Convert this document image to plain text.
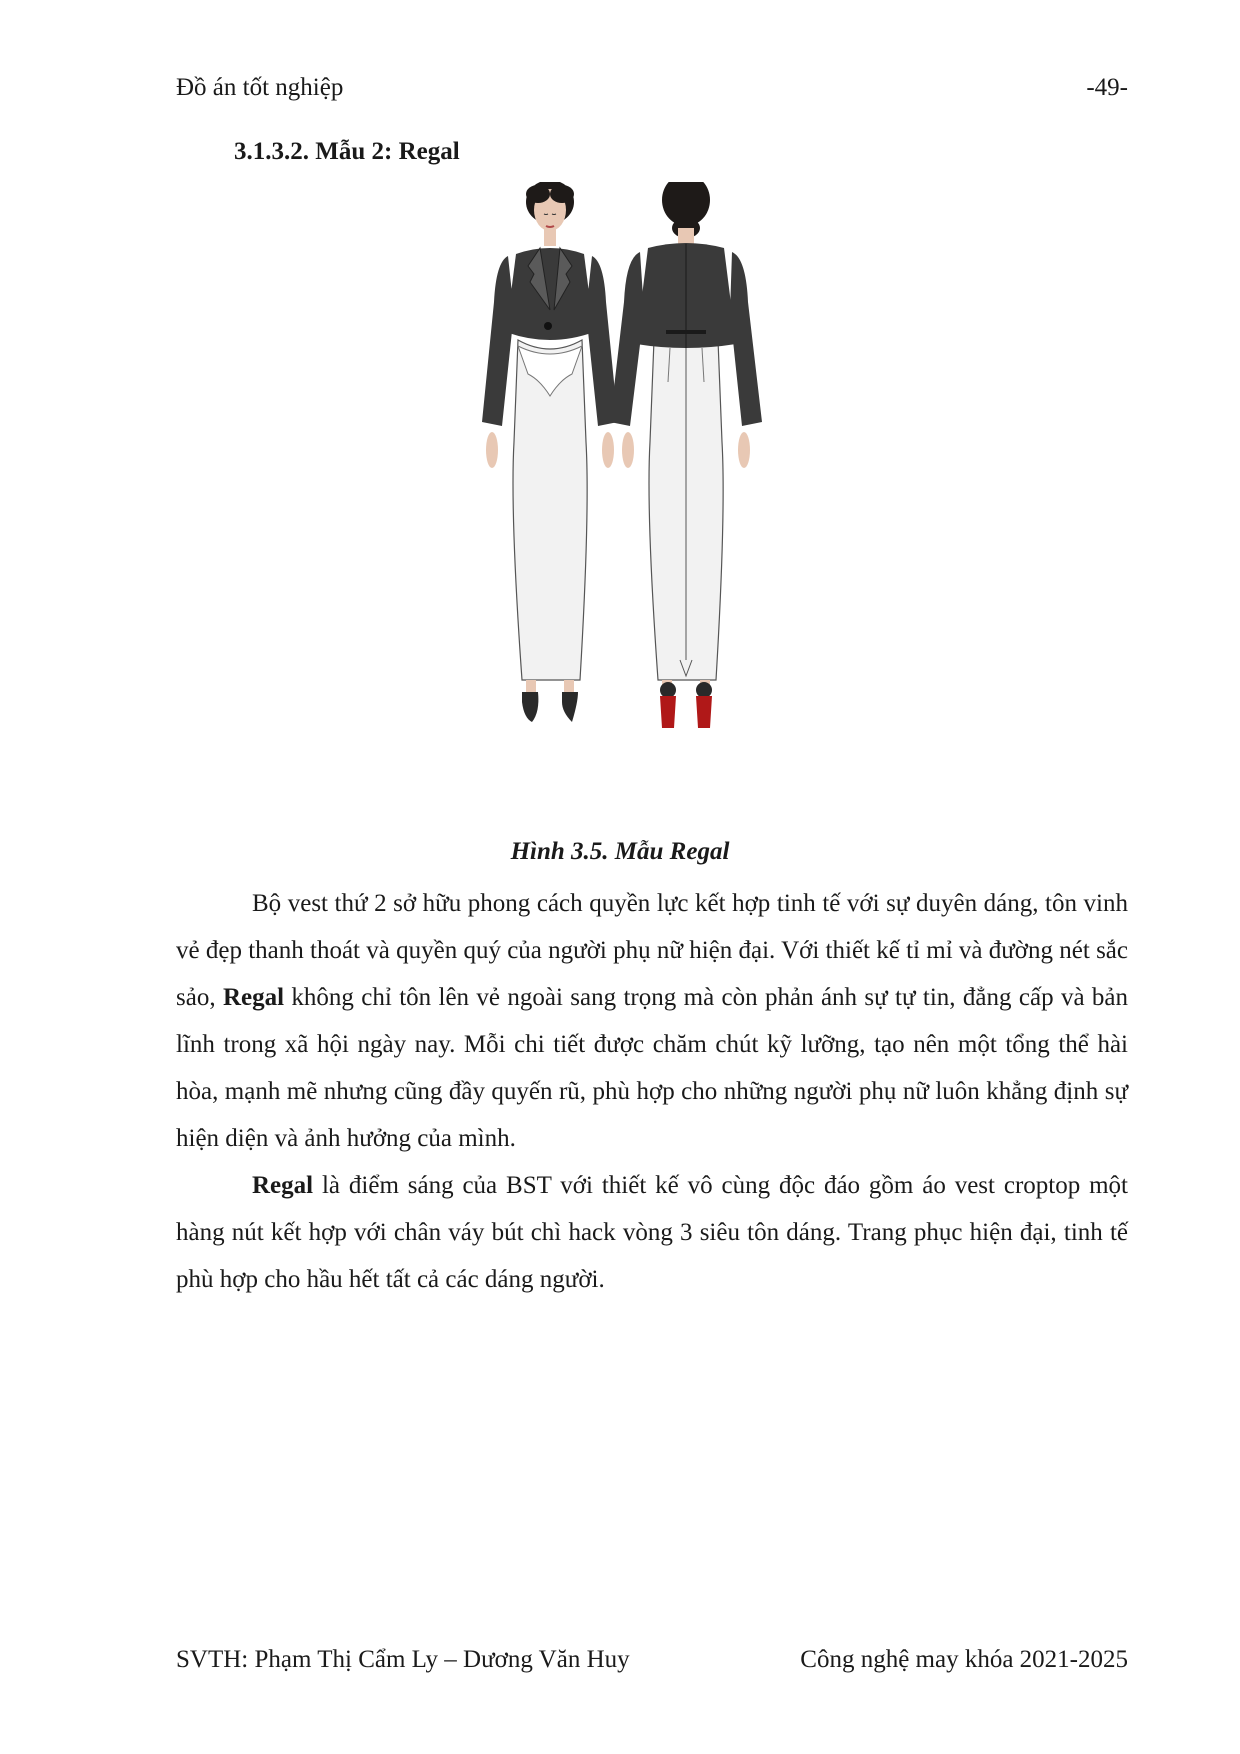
Đồ án tốt nghiệp	-49-
3.1.3.2. Mẫu 2: Regal
Hình 3.5. Mẫu Regal

Bộ vest thứ 2 sở hữu phong cách quyền lực kết hợp tinh tế với sự duyên dáng, tôn vinh vẻ đẹp thanh thoát và quyền quý của người phụ nữ hiện đại. Với thiết kế tỉ mỉ và đường nét sắc sảo, Regal không chỉ tôn lên vẻ ngoài sang trọng mà còn phản ánh sự tự tin, đẳng cấp và bản lĩnh trong xã hội ngày nay. Mỗi chi tiết được chăm chút kỹ lưỡng, tạo nên một tổng thể hài hòa, mạnh mẽ nhưng cũng đầy quyến rũ, phù hợp cho những người phụ nữ luôn khẳng định sự hiện diện và ảnh hưởng của mình.

Regal là điểm sáng của BST với thiết kế vô cùng độc đáo gồm áo vest croptop một hàng nút kết hợp với chân váy bút chì hack vòng 3 siêu tôn dáng. Trang phục hiện đại, tinh tế phù hợp cho hầu hết tất cả các dáng người.

SVTH: Phạm Thị Cẩm Ly – Dương Văn Huy	Công nghệ may khóa 2021-2025
